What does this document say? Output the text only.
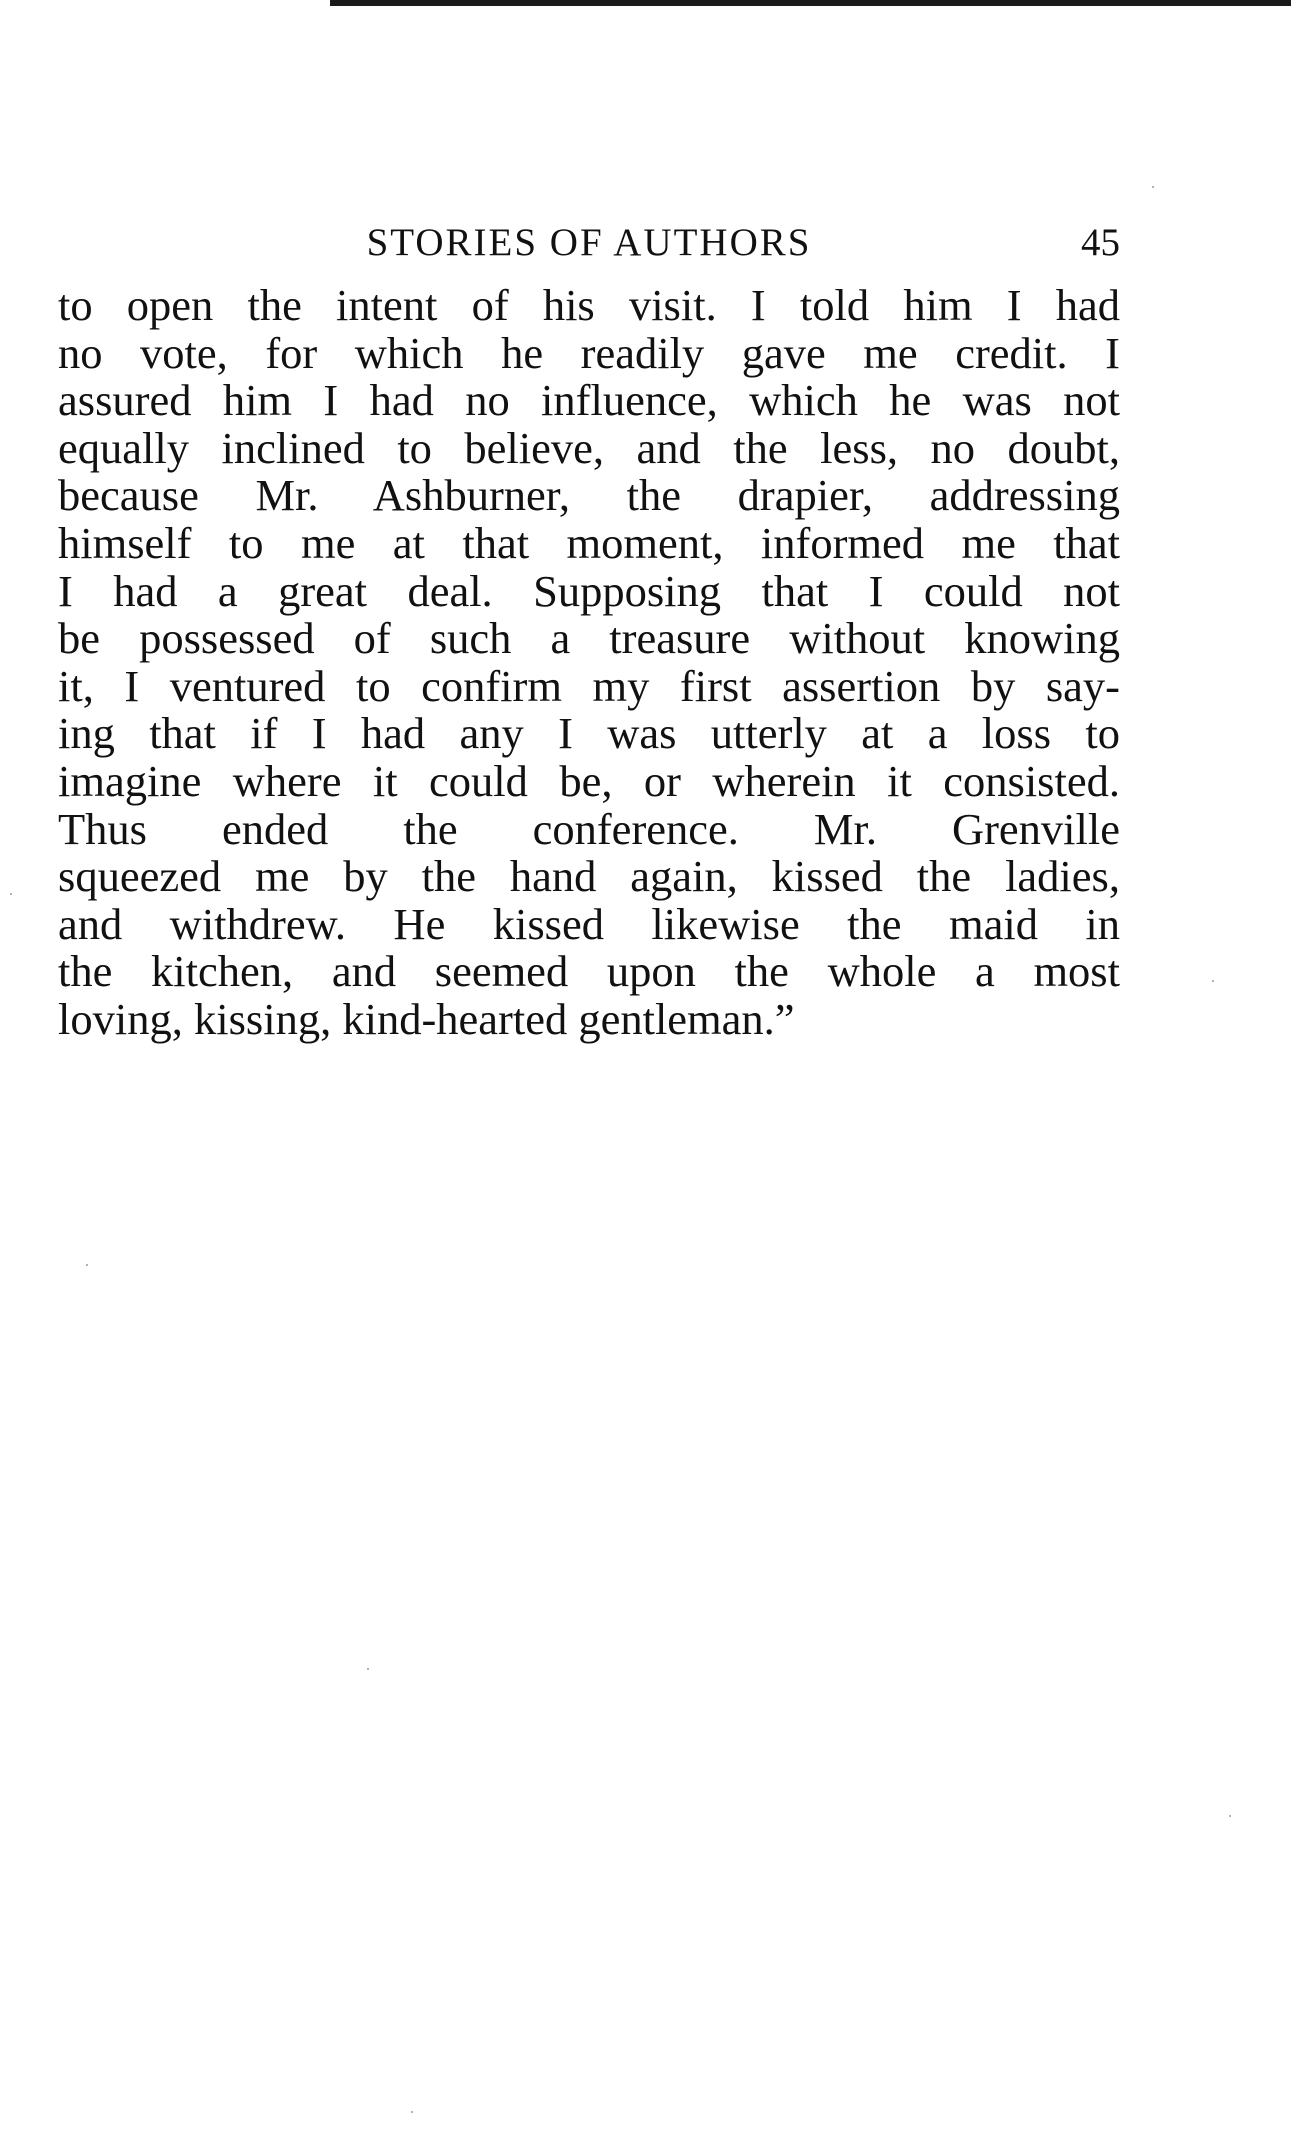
STORIES OF AUTHORS	45
to open the intent of his visit. I told him I had
no vote, for which he readily gave me credit. I
assured him I had no influence, which he was not
equally inclined to believe, and the less, no doubt,
because Mr. Ashburner, the drapier, addressing
himself to me at that moment, informed me that
I had a great deal. Supposing that I could not
be possessed of such a treasure without knowing
it, I ventured to confirm my first assertion by say-
ing that if I had any I was utterly at a loss to
imagine where it could be, or wherein it consisted.
Thus ended the conference. Mr. Grenville
squeezed me by the hand again, kissed the ladies,
and withdrew. He kissed likewise the maid in
the kitchen, and seemed upon the whole a most
loving, kissing, kind-hearted gentleman.”
